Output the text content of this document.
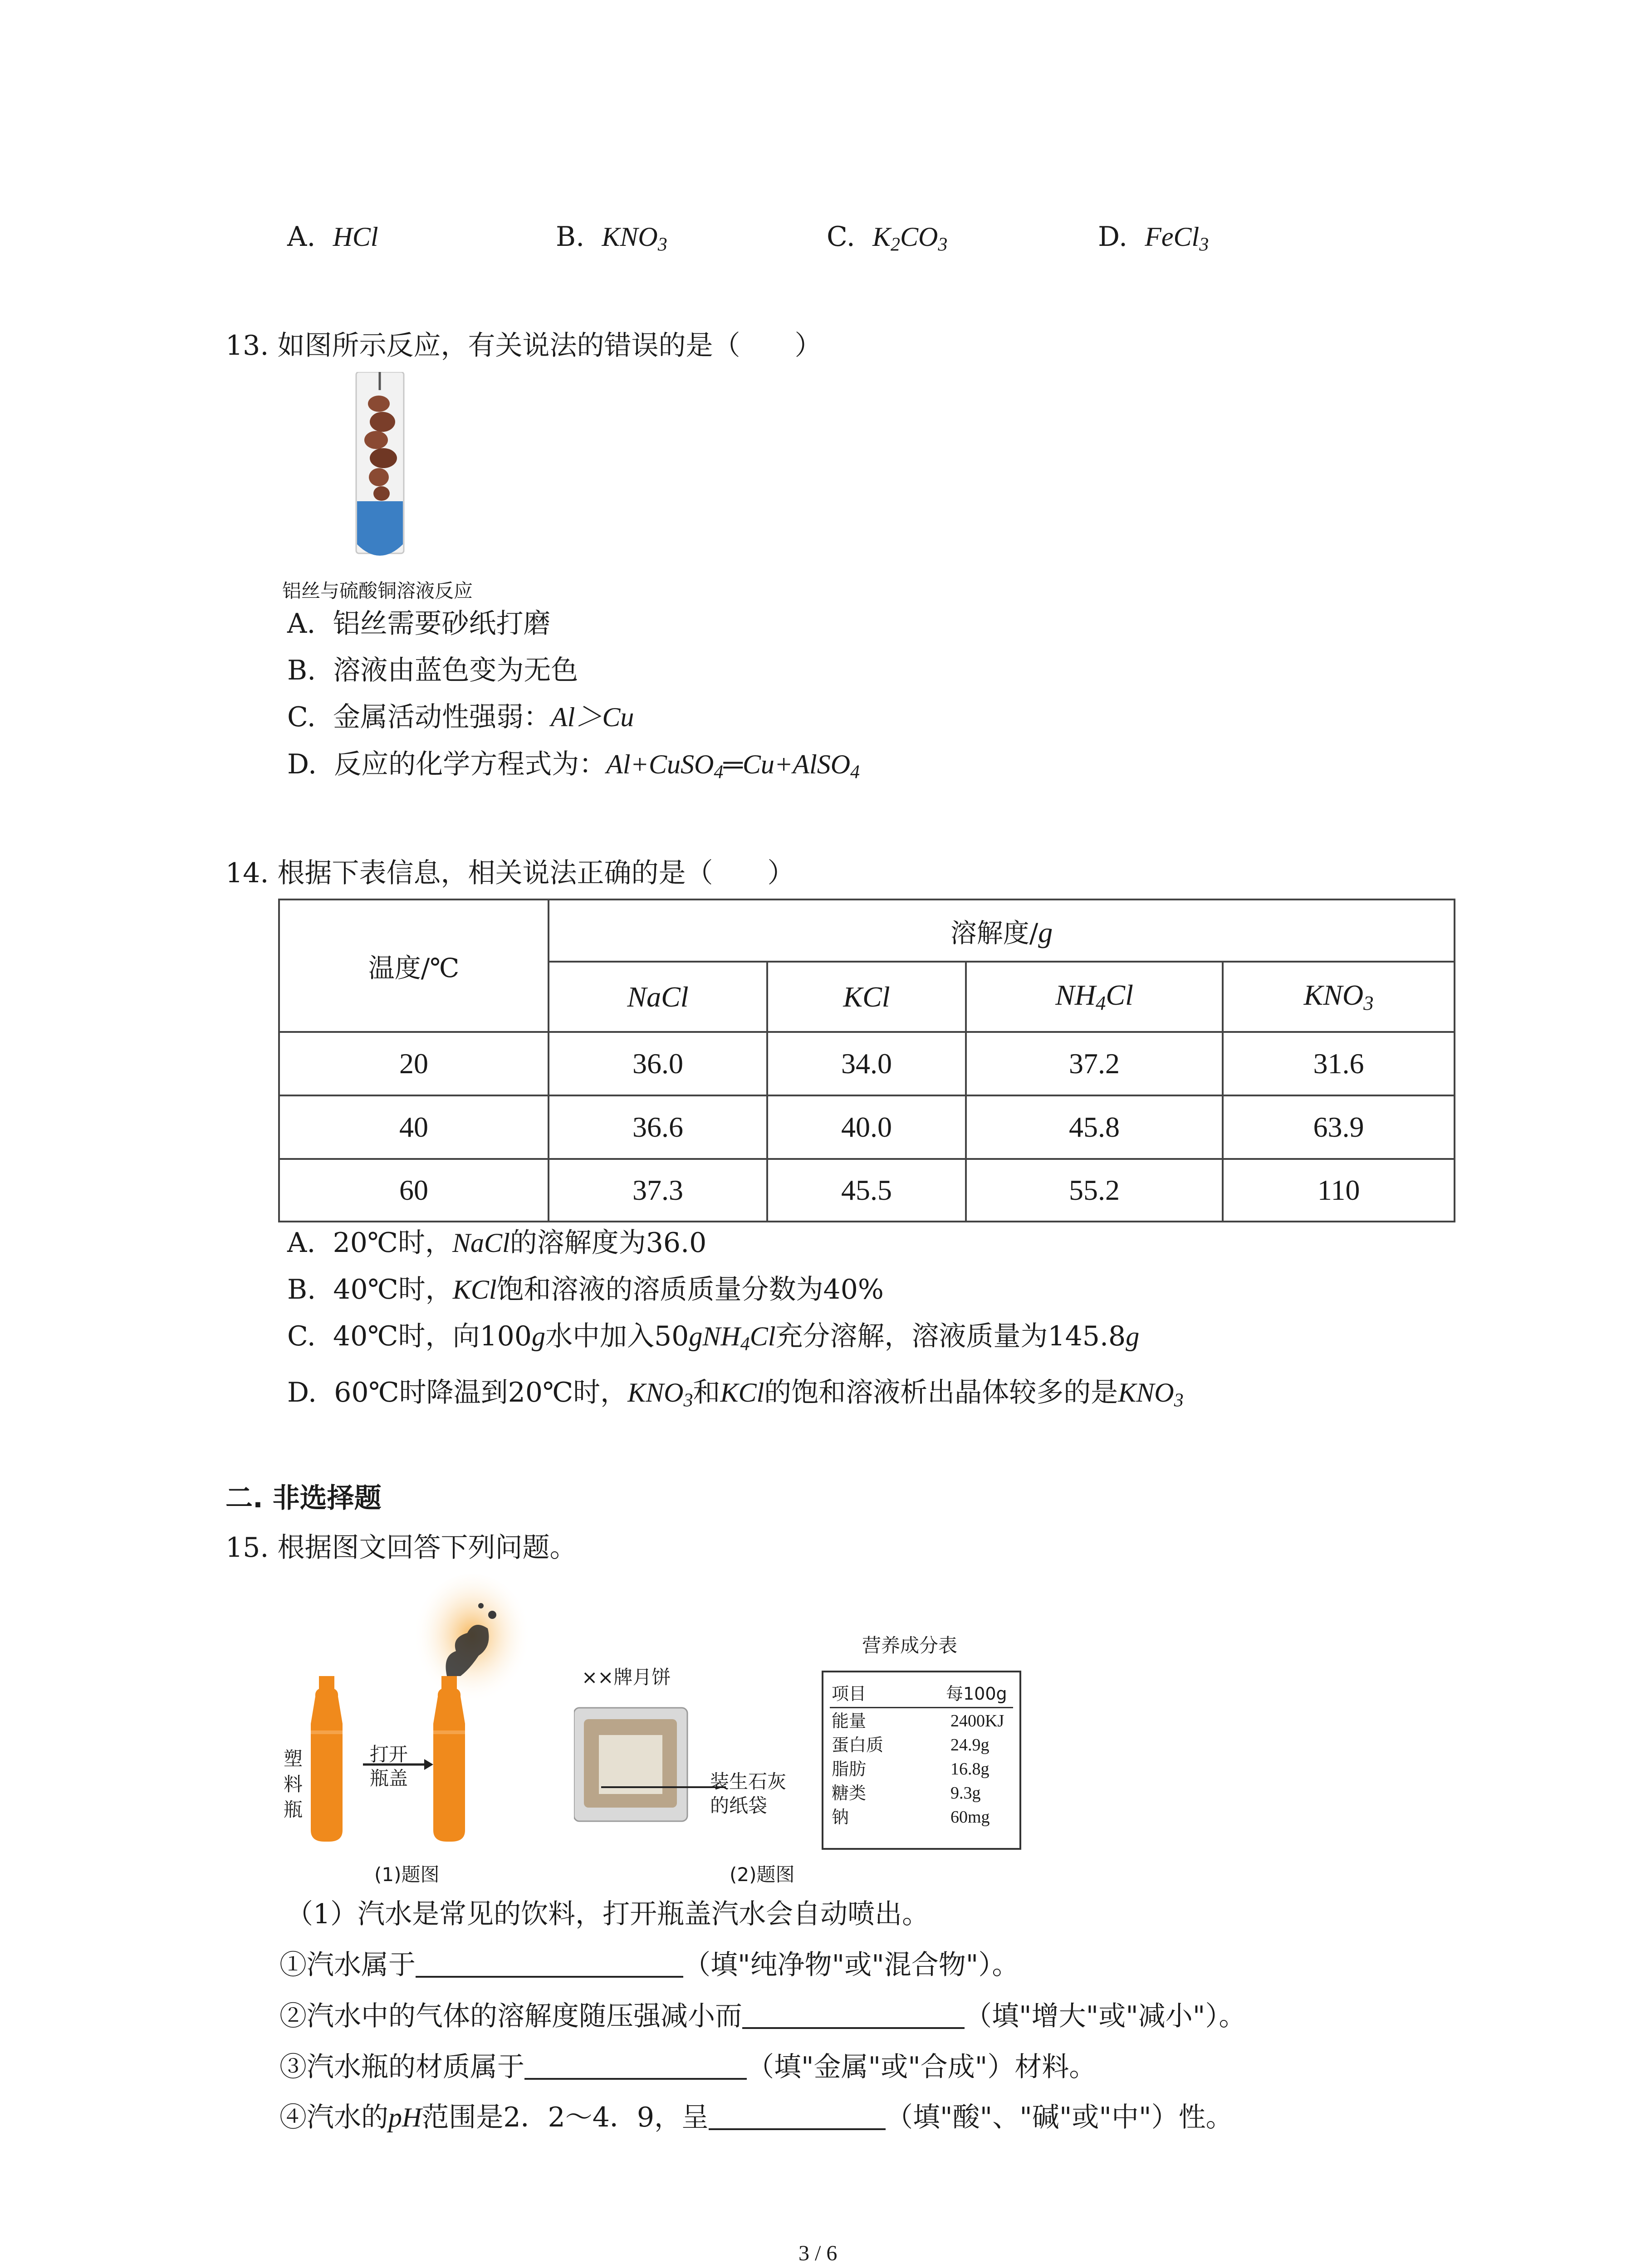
A. HCl	B. $KNO_3$	C. $K_2CO_3$	D. FeCl$_3$
13. 如图所示反应，有关说法的错误的是（　　）
铝丝与硫酸铜溶液反应
A. 铝丝需要砂纸打磨
B. 溶液由蓝色变为无色
C. 金属活动性强弱：Al＞Cu
D. 反应的化学方程式为：Al+CuSO$_4$═Cu+AlSO$_4$
14. 根据下表信息，相关说法正确的是（　　）
温度/℃	溶解度/g			
	NaCl	KCl	$NH_4Cl$	$KNO_3$
20	36.0	34.0	37.2	31.6
40	36.6	40.0	45.8	63.9
60	37.3	45.5	55.2	110
A. 20℃时，NaCl的溶解度为36.0
B. 40℃时，KCl饱和溶液的溶质质量分数为40%
C. 40℃时，向100g水中加入50gNH$_4$Cl充分溶解，溶液质量为145.8g
D. 60℃时降温到20℃时，$KNO_3$和KCl的饱和溶液析出晶体较多的是$KNO_3$
二. 非选择题
15. 根据图文回答下列问题。
塑料瓶
打开
瓶盖
(1)题图
××牌月饼
装生石灰
的纸袋
(2)题图
营养成分表
项目	每100g
能量	2400KJ
蛋白质	24.9g
脂肪	16.8g
糖类	9.3g
钠	60mg
（1）汽水是常见的饮料，打开瓶盖汽水会自动喷出。
①汽水属于	（填"纯净物"或"混合物"）。
②汽水中的气体的溶解度随压强减小而	（填"增大"或"减小"）。
③汽水瓶的材质属于	（填"金属"或"合成"）材料。
④汽水的pH范围是2．2～4．9，呈	（填"酸"、"碱"或"中"）性。
3 / 6
